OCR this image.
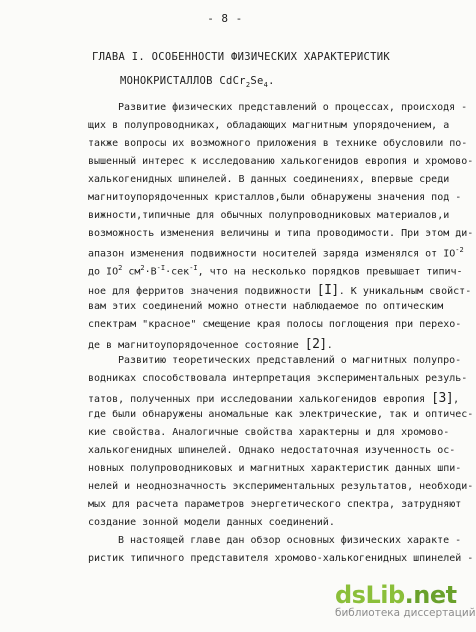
- 8 -
ГЛАВА I. ОСОБЕННОСТИ ФИЗИЧЕСКИХ ХАРАКТЕРИСТИК
МОНОКРИСТАЛЛОВ $CdCr_2Se_4$.
Развитие физических представлений о процессах, происходя -
щих в полупроводниках, обладающих магнитным упорядочением, а
также вопросы их возможного приложения в технике обусловили по-
вышенный интерес к исследованию халькогенидов европия и хромово-
халькогенидных шпинелей. В данных соединениях, впервые среди
магнитоупорядоченных кристаллов,были обнаружены значения под -
вижности,типичные для обычных полупроводниковых материалов,и
возможность изменения величины и типа проводимости. При этом ди-
апазон изменения подвижности носителей заряда изменялся от $IO^{-2}$
до $IO^2$ $см^2\cdot В^{-I}\cdot сек^{-I}$, что на несколько порядков превышает типич-
ное для ферритов значения подвижности [I]. К уникальным свойст-
вам этих соединений можно отнести наблюдаемое по оптическим
спектрам "красное" смещение края полосы поглощения при перехо-
де в магнитоупорядоченное состояние [2].
Развитию теоретических представлений о магнитных полупро-
водниках способствовала интерпретация экспериментальных резуль-
татов, полученных при исследовании халькогенидов европия [3],
где были обнаружены аномальные как электрические, так и оптичес-
кие свойства. Аналогичные свойства характерны и для хромово-
халькогенидных шпинелей. Однако недостаточная изученность ос-
новных полупроводниковых и магнитных характеристик данных шпи-
нелей и неоднозначность экспериментальных результатов, необходи-
мых для расчета параметров энергетического спектра, затрудняют
создание зонной модели данных соединений.
В настоящей главе дан обзор основных физических характе -
ристик типичного представителя хромово-халькогенидных шпинелей -
dsLib.net
библиотека диссертаций
